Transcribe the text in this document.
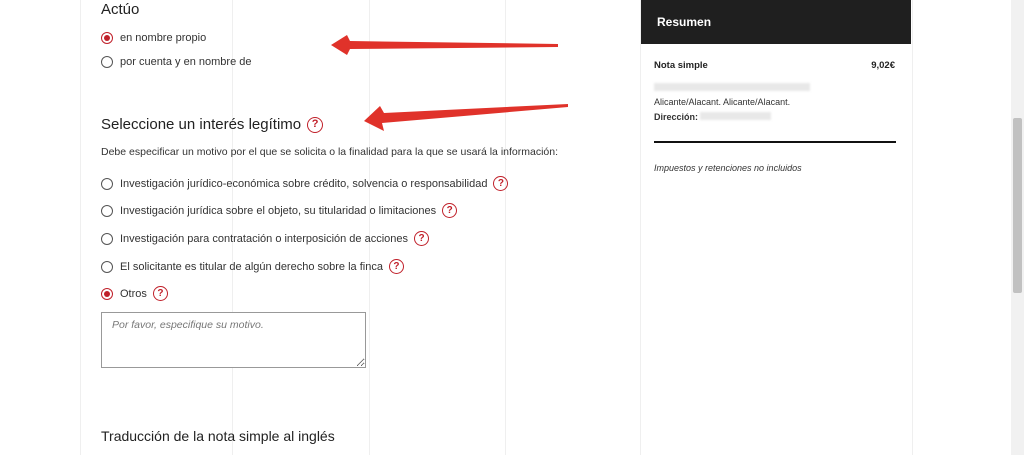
Actúo
en nombre propio
por cuenta y en nombre de
Seleccione un interés legítimo ?
Debe especificar un motivo por el que se solicita o la finalidad para la que se usará la información:
Investigación jurídico-económica sobre crédito, solvencia o responsabilidad	?
Investigación jurídica sobre el objeto, su titularidad o limitaciones	?
Investigación para contratación o interposición de acciones	?
El solicitante es titular de algún derecho sobre la finca	?
Otros	?
Por favor, especifique su motivo.
Traducción de la nota simple al inglés
Resumen
Nota simple	9,02€
Alicante/Alacant. Alicante/Alacant.
Dirección:
Impuestos y retenciones no incluidos
